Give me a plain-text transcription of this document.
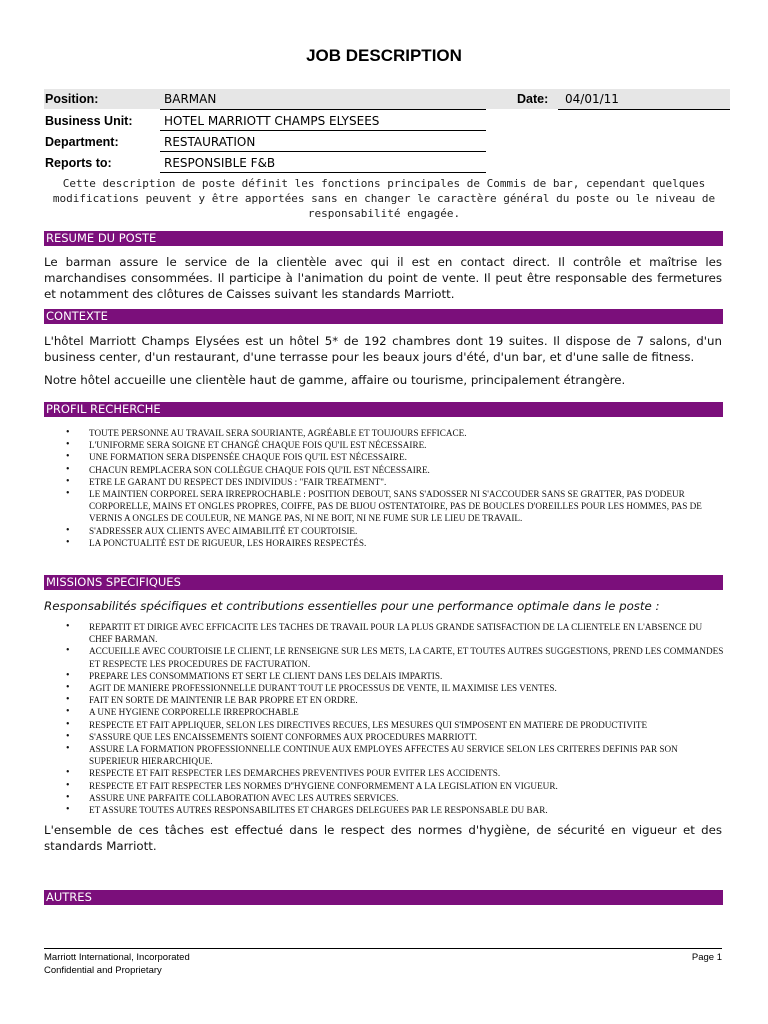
JOB DESCRIPTION
Position:	BARMAN	Date: 04/01/11
Business Unit:	HOTEL MARRIOTT CHAMPS ELYSEES
Department:	RESTAURATION
Reports to:	RESPONSIBLE F&B
Cette description de poste définit les fonctions principales de Commis de bar, cependant quelques modifications peuvent y être apportées sans en changer le caractère général du poste ou le niveau de responsabilité engagée.
RESUME DU POSTE
Le barman assure le service de la clientèle avec qui il est en contact direct. Il contrôle et maîtrise les marchandises consommées. Il participe à l'animation du point de vente. Il peut être responsable des fermetures et notamment des clôtures de Caisses suivant les standards Marriott.
CONTEXTE
L'hôtel Marriott Champs Elysées est un hôtel 5* de 192 chambres dont 19 suites. Il dispose de 7 salons, d'un business center, d'un restaurant, d'une terrasse pour les beaux jours d'été, d'un bar, et d'une salle de fitness.
Notre hôtel accueille une clientèle haut de gamme, affaire ou tourisme, principalement étrangère.
PROFIL RECHERCHE
• TOUTE PERSONNE AU TRAVAIL SERA SOURIANTE, AGRÉABLE ET TOUJOURS EFFICACE.
• L'UNIFORME SERA SOIGNE ET CHANGÉ CHAQUE FOIS QU'IL EST NÉCESSAIRE.
• UNE FORMATION SERA DISPENSÉE CHAQUE FOIS QU'IL EST NÉCESSAIRE.
• CHACUN REMPLACERA SON COLLÈGUE CHAQUE FOIS QU'IL EST NÉCESSAIRE.
• ETRE LE GARANT DU RESPECT DES INDIVIDUS : "FAIR TREATMENT".
• LE MAINTIEN CORPOREL SERA IRREPROCHABLE : POSITION DEBOUT, SANS S'ADOSSER NI S'ACCOUDER SANS SE GRATTER, PAS D'ODEUR CORPORELLE, MAINS ET ONGLES PROPRES, COIFFE, PAS DE BIJOU OSTENTATOIRE, PAS DE BOUCLES D'OREILLES POUR LES HOMMES, PAS DE VERNIS A ONGLES DE COULEUR, NE MANGE PAS, NI NE BOIT, NI NE FUME SUR LE LIEU DE TRAVAIL.
• S'ADRESSER AUX CLIENTS AVEC AIMABILITÉ ET COURTOISIE.
• LA PONCTUALITÉ EST DE RIGUEUR, LES HORAIRES RESPECTÉS.
MISSIONS SPECIFIQUES
Responsabilités spécifiques et contributions essentielles pour une performance optimale dans le poste :
• REPARTIT ET DIRIGE AVEC EFFICACITE LES TACHES DE TRAVAIL POUR LA PLUS GRANDE SATISFACTION DE LA CLIENTELE EN L'ABSENCE DU CHEF BARMAN.
• ACCUEILLE AVEC COURTOISIE LE CLIENT, LE RENSEIGNE SUR LES METS, LA CARTE, ET TOUTES AUTRES SUGGESTIONS, PREND LES COMMANDES ET RESPECTE LES PROCEDURES DE FACTURATION.
• PREPARE LES CONSOMMATIONS ET SERT LE CLIENT DANS LES DELAIS IMPARTIS.
• AGIT DE MANIERE PROFESSIONNELLE DURANT TOUT LE PROCESSUS DE VENTE, IL MAXIMISE LES VENTES.
• FAIT EN SORTE DE MAINTENIR LE BAR PROPRE ET EN ORDRE.
• A UNE HYGIENE CORPORELLE IRREPROCHABLE
• RESPECTE ET FAIT APPLIQUER, SELON LES DIRECTIVES RECUES, LES MESURES QUI S'IMPOSENT EN MATIERE DE PRODUCTIVITE
• S'ASSURE QUE LES ENCAISSEMENTS SOIENT CONFORMES AUX PROCEDURES MARRIOTT.
• ASSURE LA FORMATION PROFESSIONNELLE CONTINUE AUX EMPLOYES AFFECTES AU SERVICE SELON LES CRITERES DEFINIS PAR SON SUPERIEUR HIERARCHIQUE.
• RESPECTE ET FAIT RESPECTER LES DEMARCHES PREVENTIVES POUR EVITER LES ACCIDENTS.
• RESPECTE ET FAIT RESPECTER LES NORMES D''HYGIENE CONFORMEMENT A LA LEGISLATION EN VIGUEUR.
• ASSURE UNE PARFAITE COLLABORATION AVEC LES AUTRES SERVICES.
• ET ASSURE TOUTES AUTRES RESPONSABILITES ET CHARGES DELEGUEES PAR LE RESPONSABLE DU BAR.
L'ensemble de ces tâches est effectué dans le respect des normes d'hygiène, de sécurité en vigueur et des standards Marriott.
AUTRES
Marriott International, Incorporated
Confidential and Proprietary
Page 1
